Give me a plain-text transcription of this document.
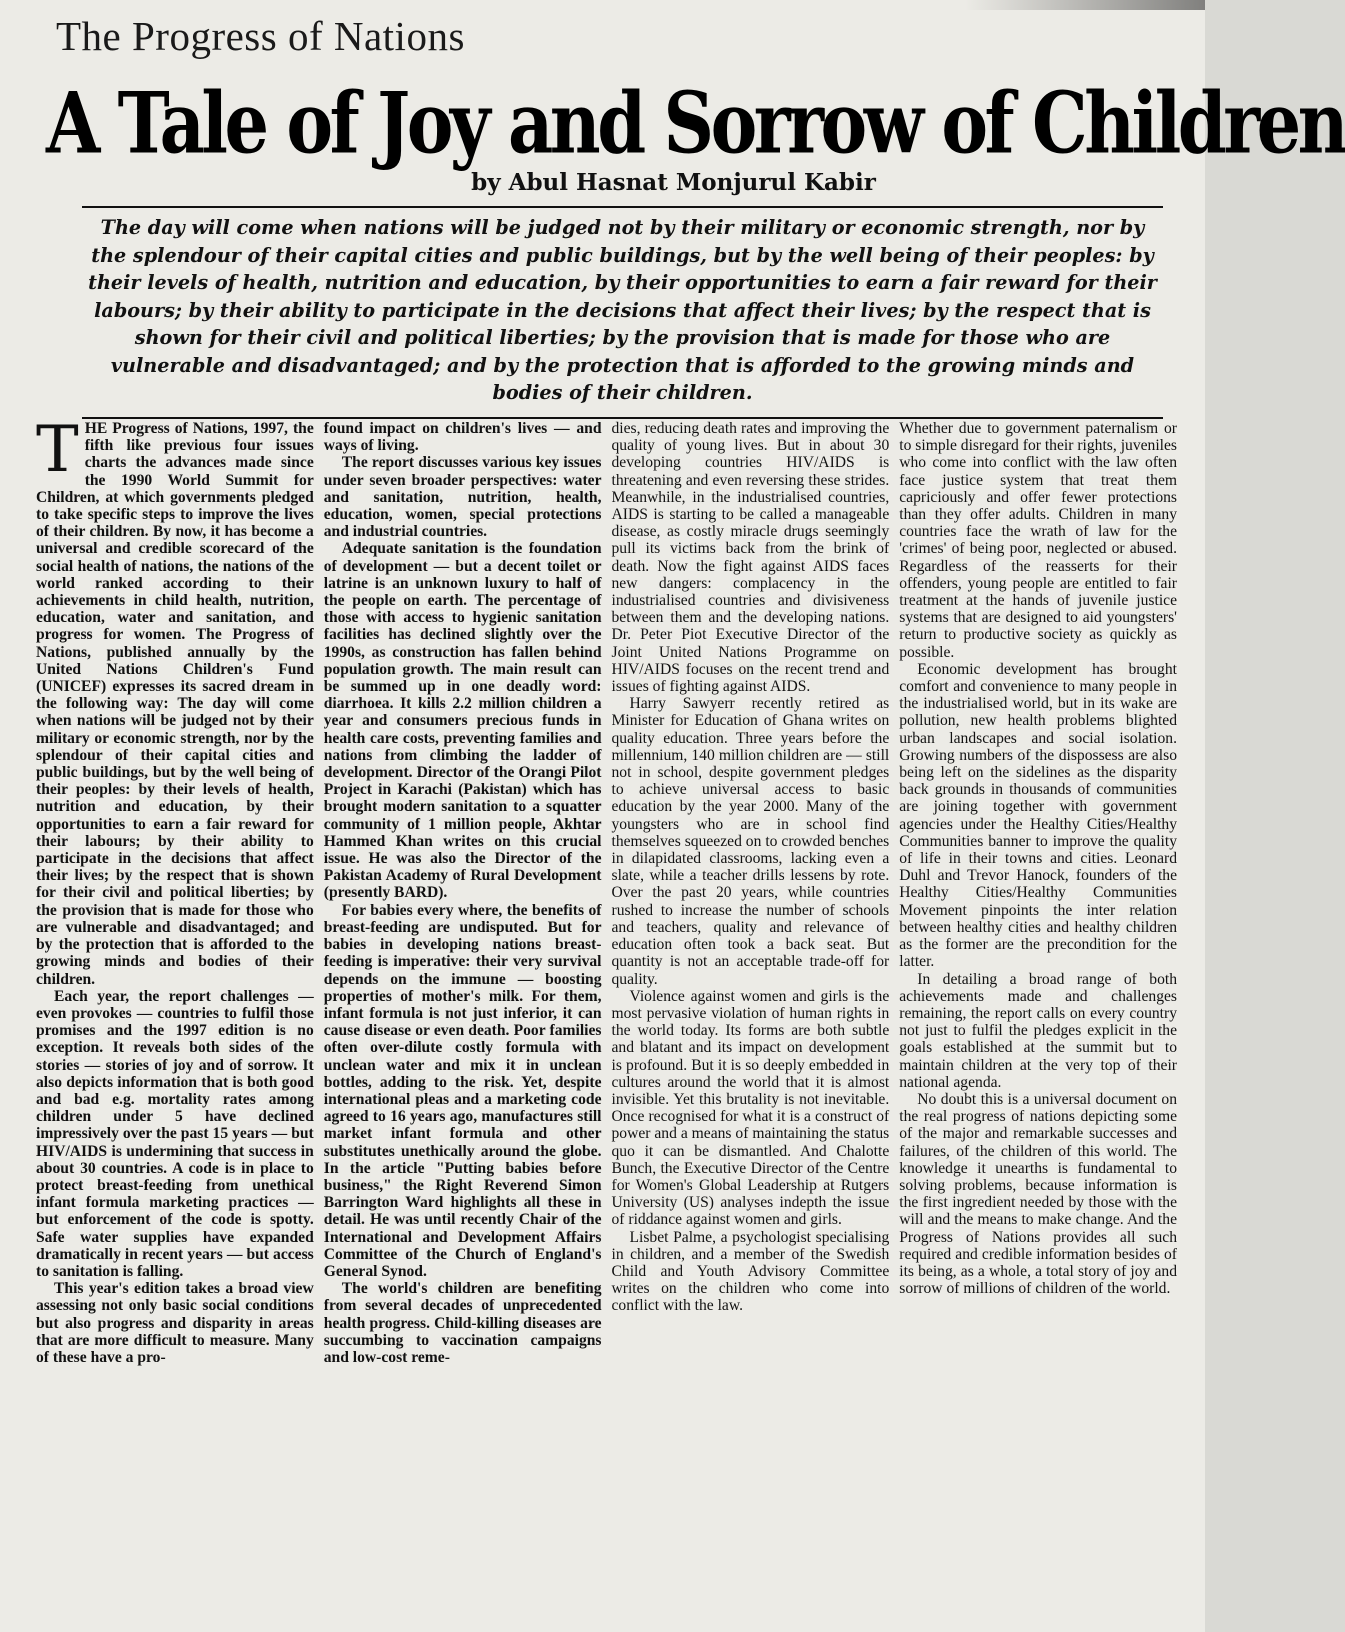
The Progress of Nations
A Tale of Joy and Sorrow of Children
by Abul Hasnat Monjurul Kabir
The day will come when nations will be judged not by their military or economic strength, nor by the splendour of their capital cities and public buildings, but by the well being of their peoples: by their levels of health, nutrition and education, by their opportunities to earn a fair reward for their labours; by their ability to participate in the decisions that affect their lives; by the respect that is shown for their civil and political liberties; by the provision that is made for those who are vulnerable and disadvantaged; and by the protection that is afforded to the growing minds and bodies of their children.

THE Progress of Nations, 1997, the fifth like previous four issues charts the advances made since the 1990 World Summit for Children, at which governments pledged to take specific steps to improve the lives of their children. By now, it has become a universal and credible scorecard of the social health of nations, the nations of the world ranked according to their achievements in child health, nutrition, education, water and sanitation, and progress for women. The Progress of Nations, published annually by the United Nations Children's Fund (UNICEF) expresses its sacred dream in the following way: The day will come when nations will be judged not by their military or economic strength, nor by the splendour of their capital cities and public buildings, but by the well being of their peoples: by their levels of health, nutrition and education, by their opportunities to earn a fair reward for their labours; by their ability to participate in the decisions that affect their lives; by the respect that is shown for their civil and political liberties; by the provision that is made for those who are vulnerable and disadvantaged; and by the protection that is afforded to the growing minds and bodies of their children.

Each year, the report challenges — even provokes — countries to fulfil those promises and the 1997 edition is no exception. It reveals both sides of the stories — stories of joy and of sorrow. It also depicts information that is both good and bad e.g. mortality rates among children under 5 have declined impressively over the past 15 years — but HIV/AIDS is undermining that success in about 30 countries. A code is in place to protect breast-feeding from unethical infant formula marketing practices — but enforcement of the code is spotty. Safe water supplies have expanded dramatically in recent years — but access to sanitation is falling.

This year's edition takes a broad view assessing not only basic social conditions but also progress and disparity in areas that are more difficult to measure. Many of these have a pro-

found impact on children's lives — and ways of living.

The report discusses various key issues under seven broader perspectives: water and sanitation, nutrition, health, education, women, special protections and industrial countries.

Adequate sanitation is the foundation of development — but a decent toilet or latrine is an unknown luxury to half of the people on earth. The percentage of those with access to hygienic sanitation facilities has declined slightly over the 1990s, as construction has fallen behind population growth. The main result can be summed up in one deadly word: diarrhoea. It kills 2.2 million children a year and consumers precious funds in health care costs, preventing families and nations from climbing the ladder of development. Director of the Orangi Pilot Project in Karachi (Pakistan) which has brought modern sanitation to a squatter community of 1 million people, Akhtar Hammed Khan writes on this crucial issue. He was also the Director of the Pakistan Academy of Rural Development (presently BARD).

For babies every where, the benefits of breast-feeding are undisputed. But for babies in developing nations breast-feeding is imperative: their very survival depends on the immune — boosting properties of mother's milk. For them, infant formula is not just inferior, it can cause disease or even death. Poor families often over-dilute costly formula with unclean water and mix it in unclean bottles, adding to the risk. Yet, despite international pleas and a marketing code agreed to 16 years ago, manufactures still market infant formula and other substitutes unethically around the globe. In the article "Putting babies before business," the Right Reverend Simon Barrington Ward highlights all these in detail. He was until recently Chair of the International and Development Affairs Committee of the Church of England's General Synod.

The world's children are benefiting from several decades of unprecedented health progress. Child-killing diseases are succumbing to vaccination campaigns and low-cost reme-

dies, reducing death rates and improving the quality of young lives. But in about 30 developing countries HIV/AIDS is threatening and even reversing these strides. Meanwhile, in the industrialised countries, AIDS is starting to be called a manageable disease, as costly miracle drugs seemingly pull its victims back from the brink of death. Now the fight against AIDS faces new dangers: complacency in the industrialised countries and divisiveness between them and the developing nations. Dr. Peter Piot Executive Director of the Joint United Nations Programme on HIV/AIDS focuses on the recent trend and issues of fighting against AIDS.

Harry Sawyerr recently retired as Minister for Education of Ghana writes on quality education. Three years before the millennium, 140 million children are — still not in school, despite government pledges to achieve universal access to basic education by the year 2000. Many of the youngsters who are in school find themselves squeezed on to crowded benches in dilapidated classrooms, lacking even a slate, while a teacher drills lessens by rote. Over the past 20 years, while countries rushed to increase the number of schools and teachers, quality and relevance of education often took a back seat. But quantity is not an acceptable trade-off for quality.

Violence against women and girls is the most pervasive violation of human rights in the world today. Its forms are both subtle and blatant and its impact on development is profound. But it is so deeply embedded in cultures around the world that it is almost invisible. Yet this brutality is not inevitable. Once recognised for what it is a construct of power and a means of maintaining the status quo it can be dismantled. And Chalotte Bunch, the Executive Director of the Centre for Women's Global Leadership at Rutgers University (US) analyses indepth the issue of riddance against women and girls.

Lisbet Palme, a psychologist specialising in children, and a member of the Swedish Child and Youth Advisory Committee writes on the children who come into conflict with the law.

Whether due to government paternalism or to simple disregard for their rights, juveniles who come into conflict with the law often face justice system that treat them capriciously and offer fewer protections than they offer adults. Children in many countries face the wrath of law for the 'crimes' of being poor, neglected or abused. Regardless of the reasserts for their offenders, young people are entitled to fair treatment at the hands of juvenile justice systems that are designed to aid youngsters' return to productive society as quickly as possible.

Economic development has brought comfort and convenience to many people in the industrialised world, but in its wake are pollution, new health problems blighted urban landscapes and social isolation. Growing numbers of the dispossess are also being left on the sidelines as the disparity back grounds in thousands of communities are joining together with government agencies under the Healthy Cities/Healthy Communities banner to improve the quality of life in their towns and cities. Leonard Duhl and Trevor Hanock, founders of the Healthy Cities/Healthy Communities Movement pinpoints the inter relation between healthy cities and healthy children as the former are the precondition for the latter.

In detailing a broad range of both achievements made and challenges remaining, the report calls on every country not just to fulfil the pledges explicit in the goals established at the summit but to maintain children at the very top of their national agenda.

No doubt this is a universal document on the real progress of nations depicting some of the major and remarkable successes and failures, of the children of this world. The knowledge it unearths is fundamental to solving problems, because information is the first ingredient needed by those with the will and the means to make change. And the Progress of Nations provides all such required and credible information besides of its being, as a whole, a total story of joy and sorrow of millions of children of the world.
